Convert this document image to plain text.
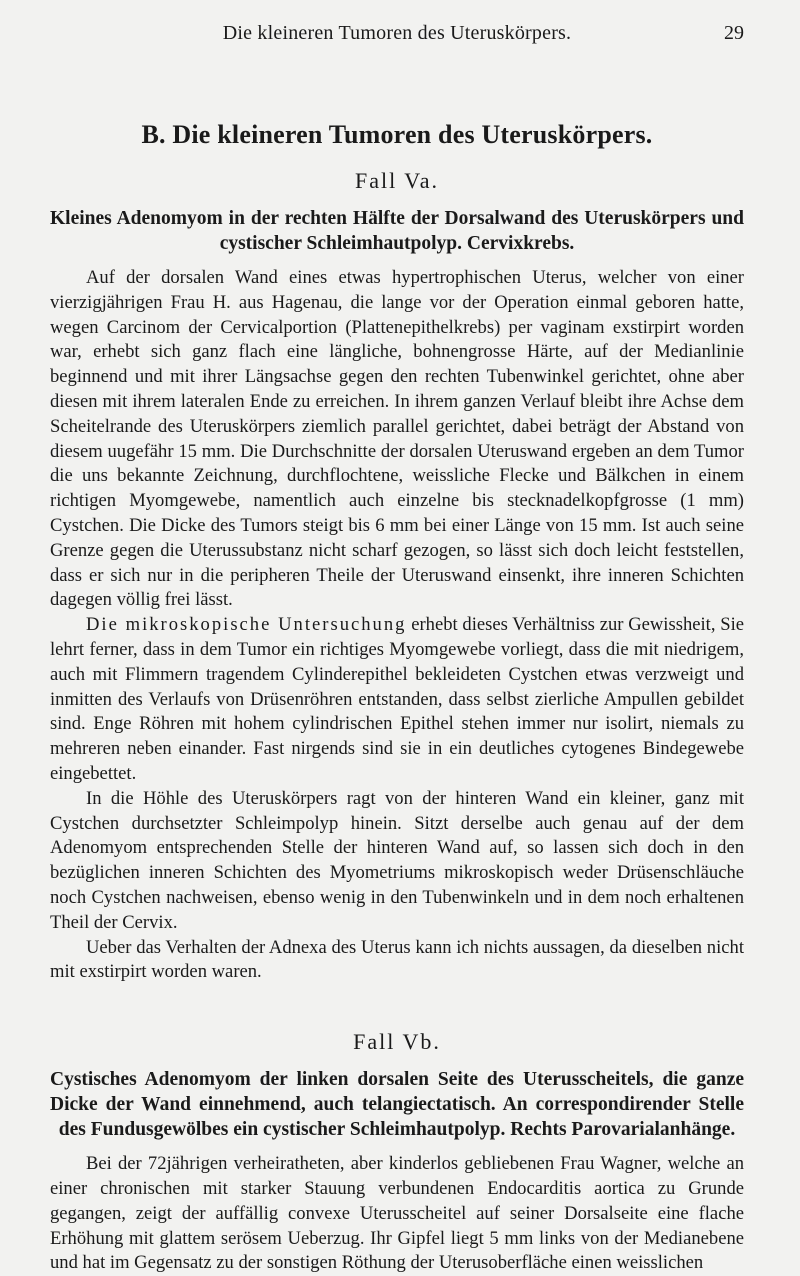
Die kleineren Tumoren des Uteruskörpers.	29
B. Die kleineren Tumoren des Uteruskörpers.
Fall Va.
Kleines Adenomyom in der rechten Hälfte der Dorsalwand des Uteruskörpers und cystischer Schleimhautpolyp. Cervixkrebs.

Auf der dorsalen Wand eines etwas hypertrophischen Uterus, welcher von einer vierzigjährigen Frau H. aus Hagenau, die lange vor der Operation einmal geboren hatte, wegen Carcinom der Cervicalportion (Plattenepithelkrebs) per vaginam exstirpirt worden war, erhebt sich ganz flach eine längliche, bohnengrosse Härte, auf der Medianlinie beginnend und mit ihrer Längsachse gegen den rechten Tubenwinkel gerichtet, ohne aber diesen mit ihrem lateralen Ende zu erreichen. In ihrem ganzen Verlauf bleibt ihre Achse dem Scheitelrande des Uteruskörpers ziemlich parallel gerichtet, dabei beträgt der Abstand von diesem uugefähr 15 mm. Die Durchschnitte der dorsalen Uteruswand ergeben an dem Tumor die uns bekannte Zeichnung, durchflochtene, weissliche Flecke und Bälkchen in einem richtigen Myomgewebe, namentlich auch einzelne bis stecknadelkopfgrosse (1 mm) Cystchen. Die Dicke des Tumors steigt bis 6 mm bei einer Länge von 15 mm. Ist auch seine Grenze gegen die Uterussubstanz nicht scharf gezogen, so lässt sich doch leicht feststellen, dass er sich nur in die peripheren Theile der Uteruswand einsenkt, ihre inneren Schichten dagegen völlig frei lässt.

Die mikroskopische Untersuchung erhebt dieses Verhältniss zur Gewissheit, Sie lehrt ferner, dass in dem Tumor ein richtiges Myomgewebe vorliegt, dass die mit niedrigem, auch mit Flimmern tragendem Cylinderepithel bekleideten Cystchen etwas verzweigt und inmitten des Verlaufs von Drüsenröhren entstanden, dass selbst zierliche Ampullen gebildet sind. Enge Röhren mit hohem cylindrischen Epithel stehen immer nur isolirt, niemals zu mehreren neben einander. Fast nirgends sind sie in ein deutliches cytogenes Bindegewebe eingebettet.

In die Höhle des Uteruskörpers ragt von der hinteren Wand ein kleiner, ganz mit Cystchen durchsetzter Schleimpolyp hinein. Sitzt derselbe auch genau auf der dem Adenomyom entsprechenden Stelle der hinteren Wand auf, so lassen sich doch in den bezüglichen inneren Schichten des Myometriums mikroskopisch weder Drüsenschläuche noch Cystchen nachweisen, ebenso wenig in den Tubenwinkeln und in dem noch erhaltenen Theil der Cervix.

Ueber das Verhalten der Adnexa des Uterus kann ich nichts aussagen, da dieselben nicht mit exstirpirt worden waren.

Fall Vb.
Cystisches Adenomyom der linken dorsalen Seite des Uterusscheitels, die ganze Dicke der Wand einnehmend, auch telangiectatisch. An correspondirender Stelle des Fundusgewölbes ein cystischer Schleimhautpolyp. Rechts Parovarialanhänge.

Bei der 72jährigen verheiratheten, aber kinderlos gebliebenen Frau Wagner, welche an einer chronischen mit starker Stauung verbundenen Endocarditis aortica zu Grunde gegangen, zeigt der auffällig convexe Uterusscheitel auf seiner Dorsalseite eine flache Erhöhung mit glattem serösem Ueberzug. Ihr Gipfel liegt 5 mm links von der Medianebene und hat im Gegensatz zu der sonstigen Röthung der Uterusoberfläche einen weisslichen
